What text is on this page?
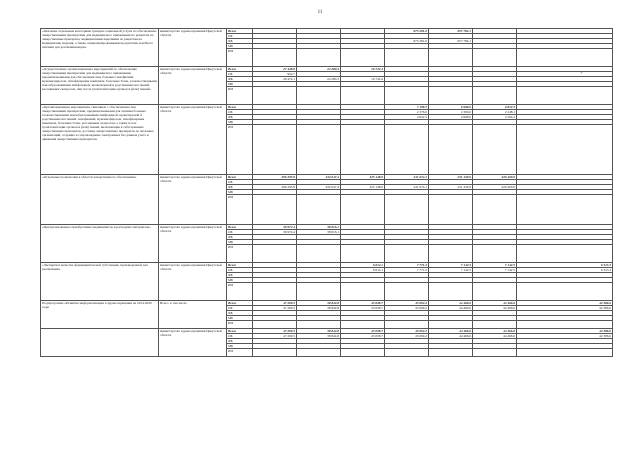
11
✓
«Оказание отдельным категориям граждан социальной услуги по обеспечению лекарственными препаратами для медицинского применения по рецептам на лекарственные препараты, медицинскими изделиями по рецептам на медицинские изделия, а также специализированными продуктами лечебного питания для детей-инвалидов»	министерство здравоохранения Иркутской области	Всего				675 281.0	657 784.1			
		ОБ								
		ФБ				675 281.0	657 784.1			
		МБ								
		ИИ								
«Осуществление организационных мероприятий по обеспечению лекарственными препаратами для медицинского применения, предназначенными для обеспечения лиц, больных гемофилией, муковисцидозом, гипофизарным нанизмом, болезнью Гоше, злокачественными новообразованиями лимфоидной, кроветворной и родственных им тканей, рассеянным склерозом, лиц после трансплантации органов и (или) тканей»	министерство здравоохранения Иркутской области	Всего	27 428.8	24 280.3	16 742.4					
		ОБ	954.7							
		ФБ	26 474.1	24 280.3	16 742.4					
		МБ								
		ИИ								
«Организационные мероприятия, связанные с обеспечением лиц лекарственными препаратами, предназначенными для лечения больных злокачественными новообразованиями лимфоидной, кроветворной и родственных им тканей, гемофилией, муковисцидозом, гипофизарным нанизмом, болезнью Гоше, рассеянным склерозом, а также после трансплантации органов и (или) тканей, включающие в себя хранение лекарственных препаратов, доставку лекарственных препаратов до аптечных организаций, создание и сопровождение электронных баз данных учета и движения лекарственных препаратов»	министерство здравоохранения Иркутской области	Всего				7 198.5	6 968.0	6 812.3		
		ОБ				2 376.0	2 300.0	2 248.1		
		ФБ				4 822.5	4 668.0	4 564.2		
		МБ								
		ИИ								
«Отдельные полномочия в области лекарственного обеспечения»	министерство здравоохранения Иркутской области	Всего	296 295.8	432 047.4	325 148.0	241 674.1	231 430.9	226 400.0		
		ОБ								
		ФБ	296 295.8	432 047.4	325 148.0	241 674.1	231 430.9	226 400.0		
		МБ								
		ИИ								
«Централизованное приобретение медикаментов и расходных материалов»	министерство здравоохранения Иркутской области	Всего	36 974.4	38 016.1						
		ОБ	36 974.4	38 016.1						
		ФБ								
		МБ								
		ИИ								
«Экспертиза качества фармацевтической субстанции, произведенной для реализации»	министерство здравоохранения Иркутской области	Всего			6 614.1	7 771.2	7 142.5	7 142.5	6 313.3	
		ОБ			6 614.1	7 771.2	7 142.5	7 142.5	6 313.3	
		ФБ								
		МБ								
		ИИ								
Подпрограмма «Развитие информатизации в здравоохранении на 2014-2020 годы	Всего, в том числе	Всего	47 209.5	38 844.8	43 638.7	45 094.2	44 466.6	44 466.6	42 386.6	
		ОБ	47 209.5	38 844.8	43 638.7	45 094.2	44 466.6	44 466.6	42 386.6	
		ФБ								
		МБ								
		ИИ								
	министерство здравоохранения Иркутской области	Всего	47 209.5	38 844.8	43 638.7	45 094.2	44 466.6	44 466.6	42 386.6	
		ОБ	47 209.5	38 844.8	43 638.7	45 094.2	44 466.6	44 466.6	42 386.6	
		ФБ								
		МБ								
		ИИ								
